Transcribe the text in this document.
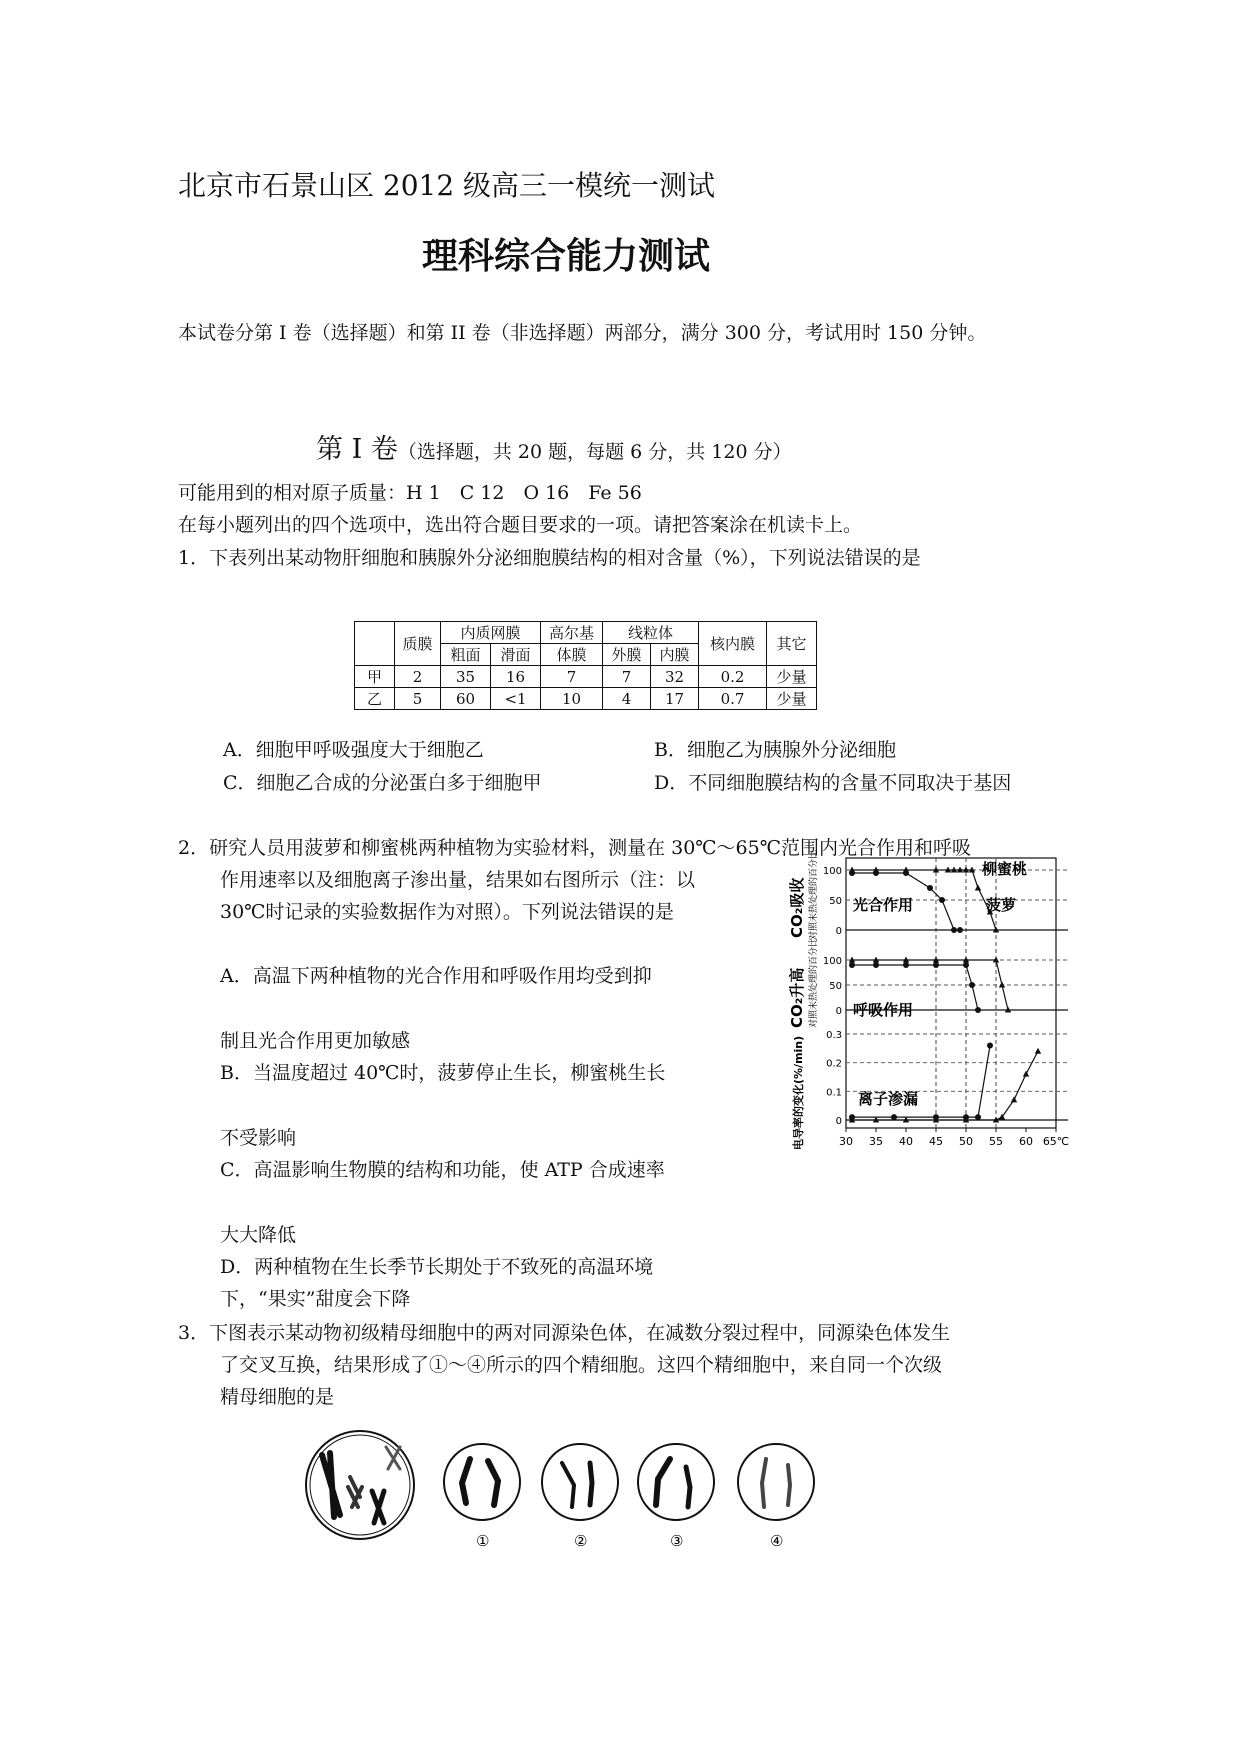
北京市石景山区 2012 级高三一模统一测试
理科综合能力测试
本试卷分第 I 卷（选择题）和第 II 卷（非选择题）两部分，满分 300 分，考试用时 150 分钟。
第 I 卷（选择题，共 20 题，每题 6 分，共 120 分）
可能用到的相对原子质量：H 1　C 12　O 16　Fe 56
在每小题列出的四个选项中，选出符合题目要求的一项。请把答案涂在机读卡上。
1．下表列出某动物肝细胞和胰腺外分泌细胞膜结构的相对含量（%），下列说法错误的是
	质膜	内质网膜		高尔基	线粒体		核内膜	其它
		粗面	滑面	体膜	外膜	内膜		
甲	2	35	16	7	7	32	0.2	少量
乙	5	60	<1	10	4	17	0.7	少量
A．细胞甲呼吸强度大于细胞乙	B．细胞乙为胰腺外分泌细胞
C．细胞乙合成的分泌蛋白多于细胞甲	D．不同细胞膜结构的含量不同取决于基因
2．研究人员用菠萝和柳蜜桃两种植物为实验材料，测量在 30℃～65℃范围内光合作用和呼吸
作用速率以及细胞离子渗出量，结果如右图所示（注：以
30℃时记录的实验数据作为对照）。下列说法错误的是
A．高温下两种植物的光合作用和呼吸作用均受到抑
制且光合作用更加敏感
B．当温度超过 40℃时，菠萝停止生长，柳蜜桃生长
不受影响
C．高温影响生物膜的结构和功能，使 ATP 合成速率
大大降低
D．两种植物在生长季节长期处于不致死的高温环境
下，“果实”甜度会下降
100
50
0
100
50
0
0.3
0.2
0.1
0
30 35 40 45 50 55 60 65℃
CO₂吸收 对照未热处理的百分比
CO₂升高 对照未热处理的百分比
电导率的变化(%/min)
光合作用
呼吸作用
离子渗漏
柳蜜桃
菠萝
3．下图表示某动物初级精母细胞中的两对同源染色体，在减数分裂过程中，同源染色体发生
了交叉互换，结果形成了①～④所示的四个精细胞。这四个精细胞中，来自同一个次级
精母细胞的是
①	②	③	④
